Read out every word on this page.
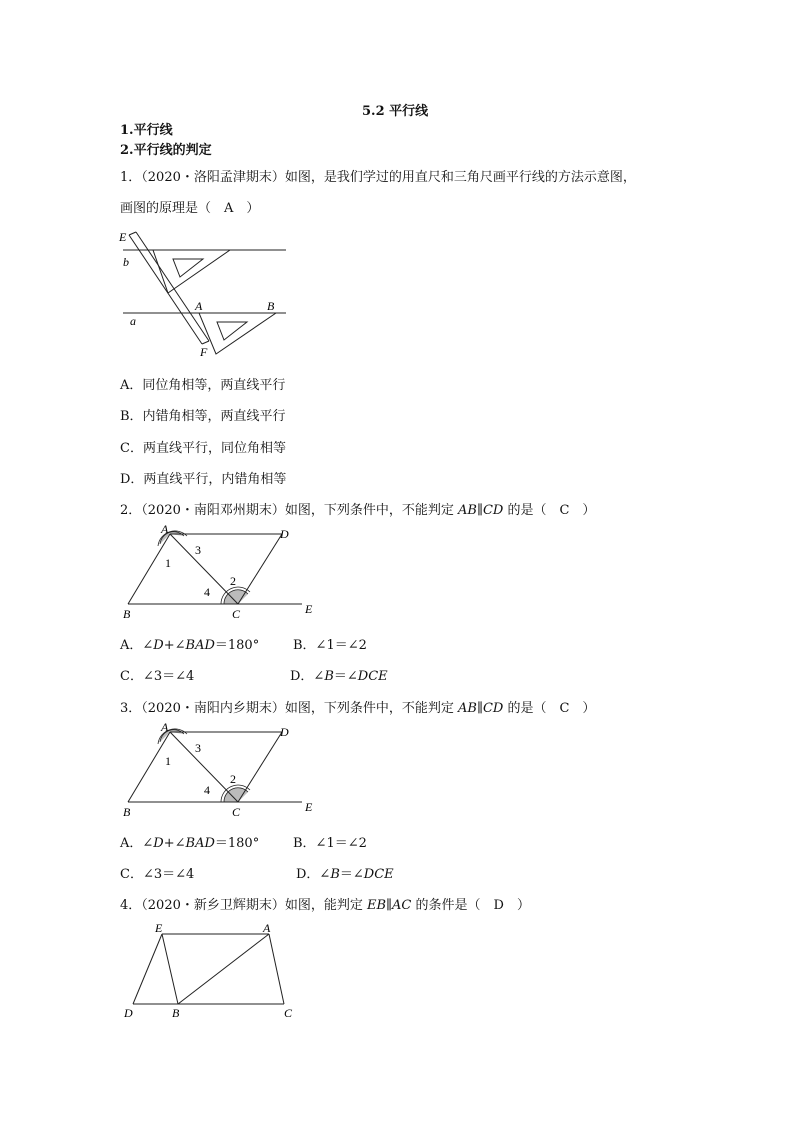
5.2 平行线
1.平行线
2.平行线的判定
1．（2020・洛阳孟津期末）如图，是我们学过的用直尺和三角尺画平行线的方法示意图，
画图的原理是（　A　）
E
b
A	B
a
F
A．同位角相等，两直线平行
B．内错角相等，两直线平行
C．两直线平行，同位角相等
D．两直线平行，内错角相等
2．（2020・南阳邓州期末）如图，下列条件中，不能判定 AB∥CD 的是（　C　）
A	D
B	C	E
1
2
3
4
A．∠D+∠BAD＝180°	B．∠1＝∠2
C．∠3＝∠4	D．∠B＝∠DCE
3．（2020・南阳内乡期末）如图，下列条件中，不能判定 AB∥CD 的是（　C　）
A	D
B	C	E
1
2
3
4
A．∠D+∠BAD＝180°	B．∠1＝∠2
C．∠3＝∠4	D．∠B＝∠DCE
4．（2020・新乡卫辉期末）如图，能判定 EB∥AC 的条件是（　D　）
E	A
D	B	C
